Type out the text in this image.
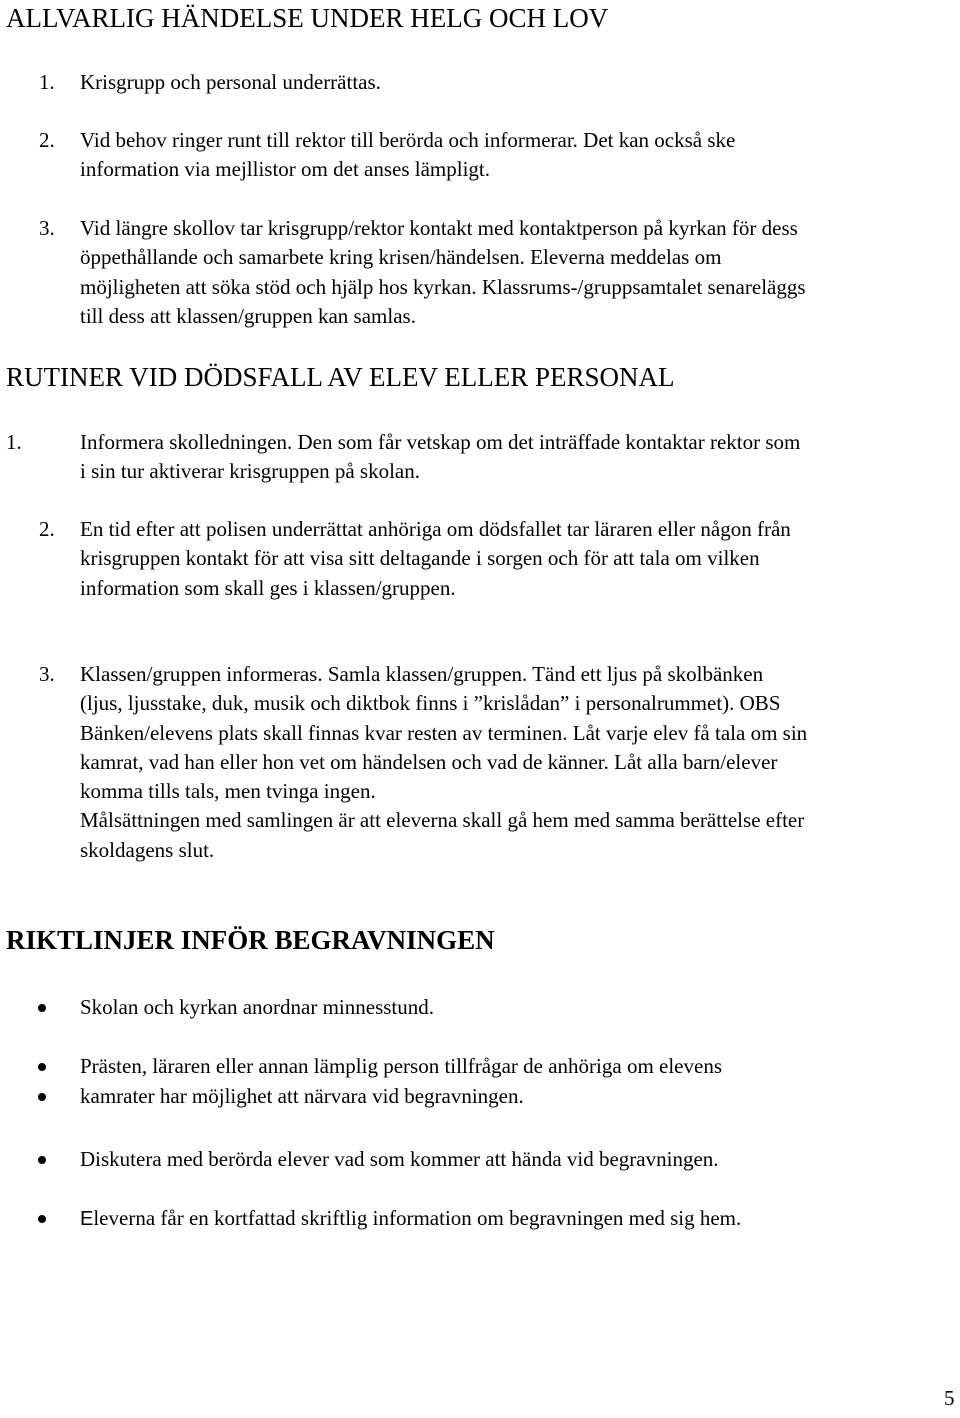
ALLVARLIG HÄNDELSE UNDER HELG OCH LOV
1. Krisgrupp och personal underrättas.
2. Vid behov ringer runt till rektor till berörda och informerar. Det kan också ske
information via mejllistor om det anses lämpligt.
3. Vid längre skollov tar krisgrupp/rektor kontakt med kontaktperson på kyrkan för dess
öppethållande och samarbete kring krisen/händelsen. Eleverna meddelas om
möjligheten att söka stöd och hjälp hos kyrkan. Klassrums-/gruppsamtalet senareläggs
till dess att klassen/gruppen kan samlas.
RUTINER VID DÖDSFALL AV ELEV ELLER PERSONAL
1.	Informera skolledningen. Den som får vetskap om det inträffade kontaktar rektor som
i sin tur aktiverar krisgruppen på skolan.
2. En tid efter att polisen underrättat anhöriga om dödsfallet tar läraren eller någon från
krisgruppen kontakt för att visa sitt deltagande i sorgen och för att tala om vilken
information som skall ges i klassen/gruppen.
3. Klassen/gruppen informeras. Samla klassen/gruppen. Tänd ett ljus på skolbänken
(ljus, ljusstake, duk, musik och diktbok finns i ”krislådan” i personalrummet). OBS
Bänken/elevens plats skall finnas kvar resten av terminen. Låt varje elev få tala om sin
kamrat, vad han eller hon vet om händelsen och vad de känner. Låt alla barn/elever
komma tills tals, men tvinga ingen.
Målsättningen med samlingen är att eleverna skall gå hem med samma berättelse efter
skoldagens slut.
RIKTLINJER INFÖR BEGRAVNINGEN
Skolan och kyrkan anordnar minnesstund.
Prästen, läraren eller annan lämplig person tillfrågar de anhöriga om elevens
kamrater har möjlighet att närvara vid begravningen.
Diskutera med berörda elever vad som kommer att hända vid begravningen.
Eleverna får en kortfattad skriftlig information om begravningen med sig hem.
5
